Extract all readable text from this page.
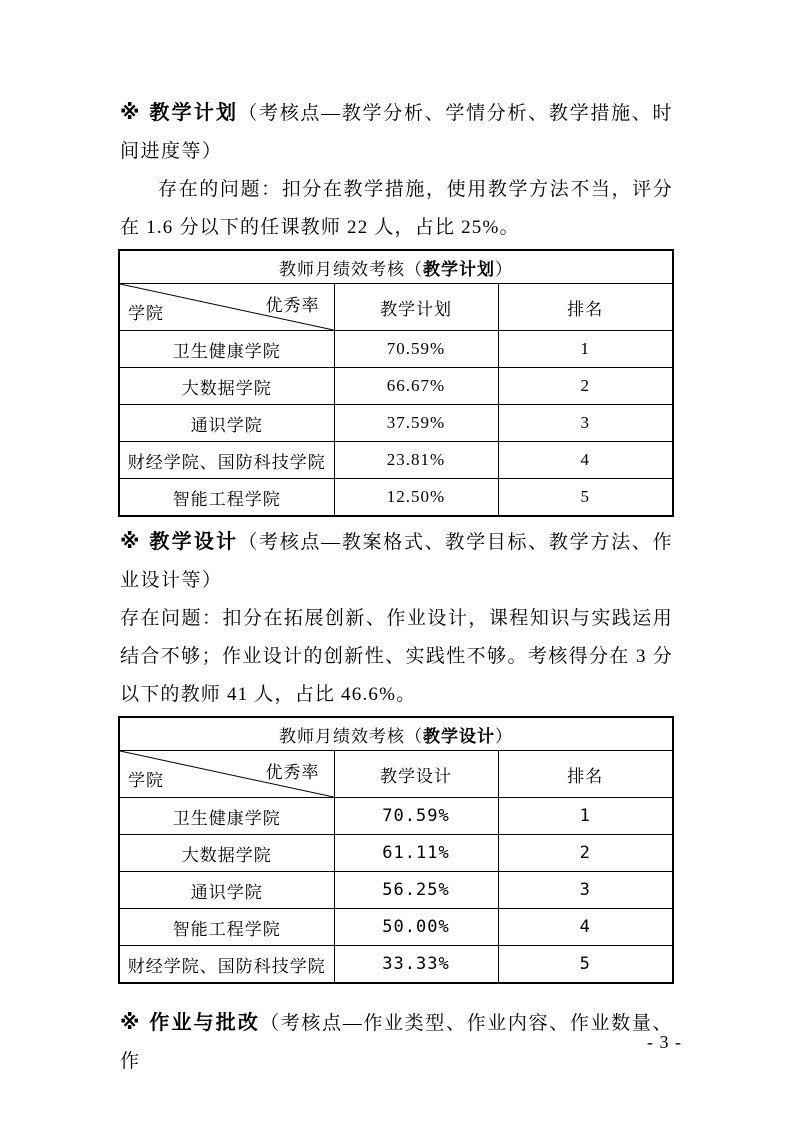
※ 教学计划（考核点—教学分析、学情分析、教学措施、时间进度等）

存在的问题：扣分在教学措施，使用教学方法不当，评分在 1.6 分以下的任课教师 22 人，占比 25%。

教师月绩效考核（教学计划）		

学院 优秀率	教学计划	排名
卫生健康学院	70.59%	1
大数据学院	66.67%	2
通识学院	37.59%	3
财经学院、国防科技学院	23.81%	4
智能工程学院	12.50%	5
※ 教学设计（考核点—教案格式、教学目标、教学方法、作业设计等）

存在问题：扣分在拓展创新、作业设计，课程知识与实践运用结合不够；作业设计的创新性、实践性不够。考核得分在 3 分以下的教师 41 人，占比 46.6%。

教师月绩效考核（教学设计）		

学院 优秀率	教学设计	排名
卫生健康学院	70.59%	1
大数据学院	61.11%	2
通识学院	56.25%	3
智能工程学院	50.00%	4
财经学院、国防科技学院	33.33%	5
※ 作业与批改（考核点—作业类型、作业内容、作业数量、作
- 3 -
